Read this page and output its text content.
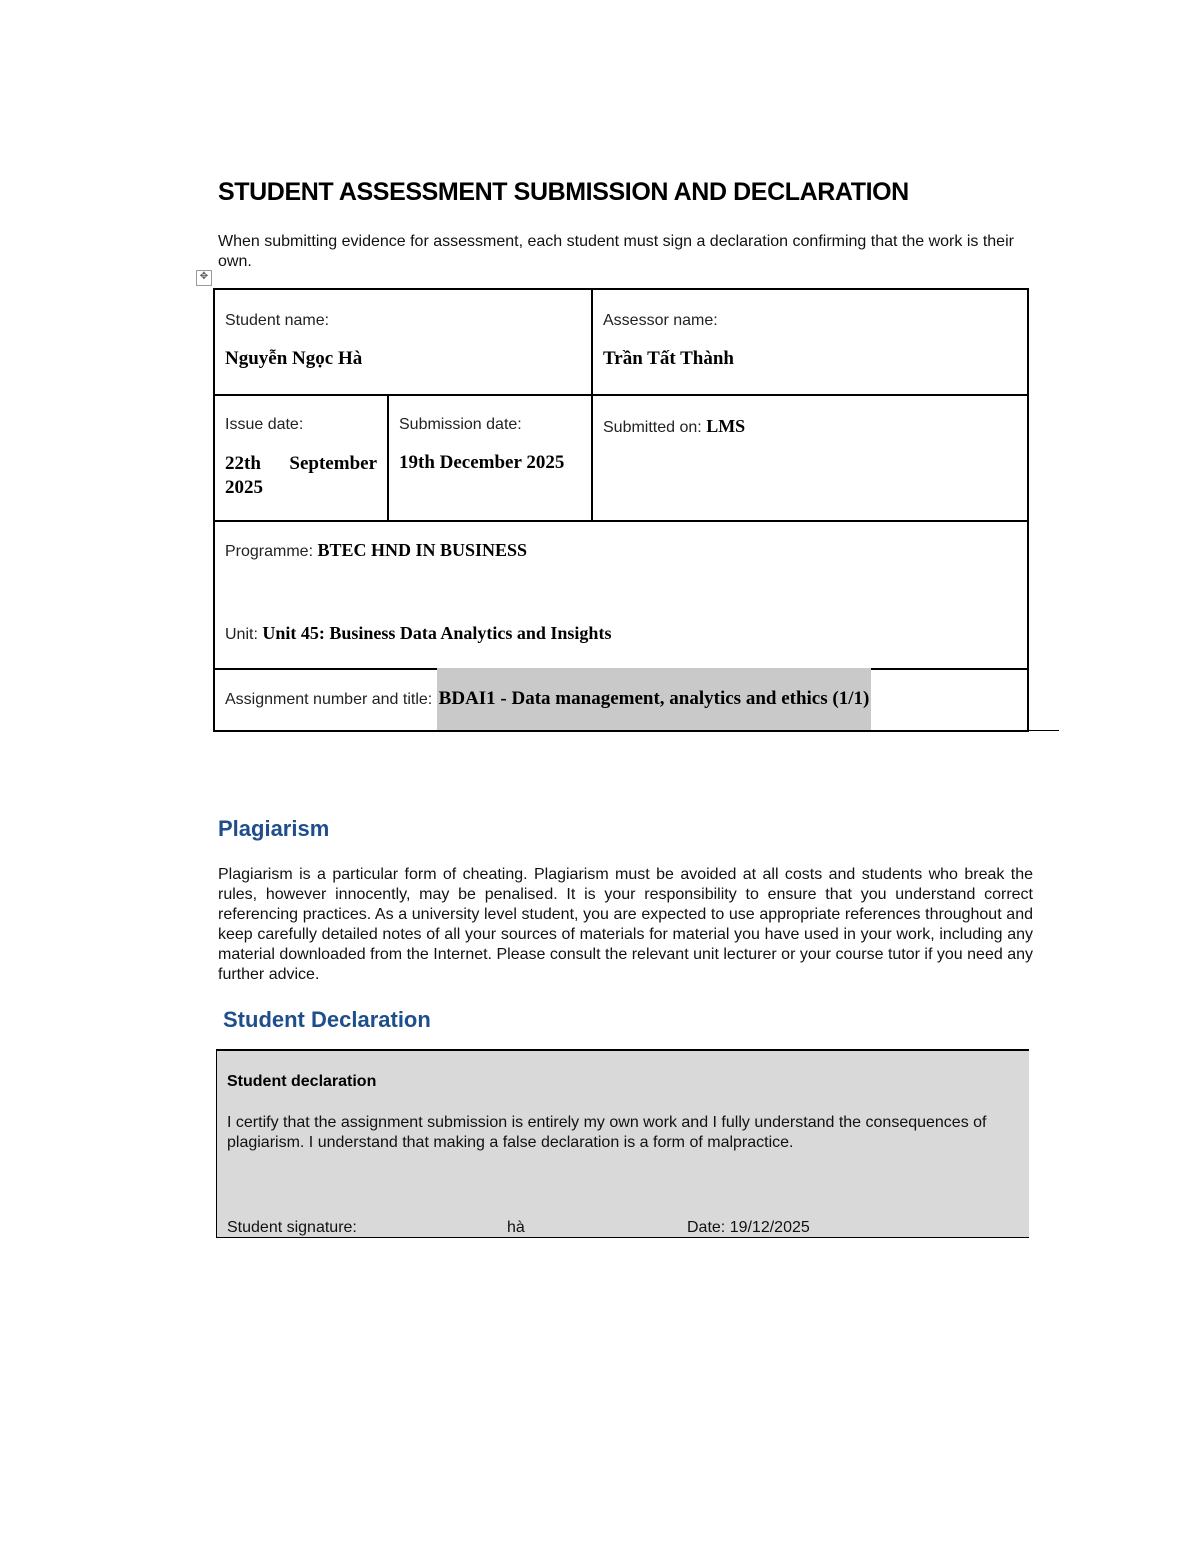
STUDENT ASSESSMENT SUBMISSION AND DECLARATION
When submitting evidence for assessment, each student must sign a declaration confirming that the work is their own.
✥
Student name:
Nguyễn Ngọc Hà
Assessor name:
Trần Tất Thành
Issue date:
22th September 2025
Submission date:
19th December 2025
Submitted on: LMS
Programme: BTEC HND IN BUSINESS
Unit: Unit 45: Business Data Analytics and Insights
Assignment number and title: BDAI1 - Data management, analytics and ethics (1/1)
Plagiarism
Plagiarism is a particular form of cheating. Plagiarism must be avoided at all costs and students who break the rules, however innocently, may be penalised. It is your responsibility to ensure that you understand correct referencing practices. As a university level student, you are expected to use appropriate references throughout and keep carefully detailed notes of all your sources of materials for material you have used in your work, including any material downloaded from the Internet. Please consult the relevant unit lecturer or your course tutor if you need any further advice.
Student Declaration
Student declaration
I certify that the assignment submission is entirely my own work and I fully understand the consequences of plagiarism. I understand that making a false declaration is a form of malpractice.
Student signature:	hà	Date: 19/12/2025
